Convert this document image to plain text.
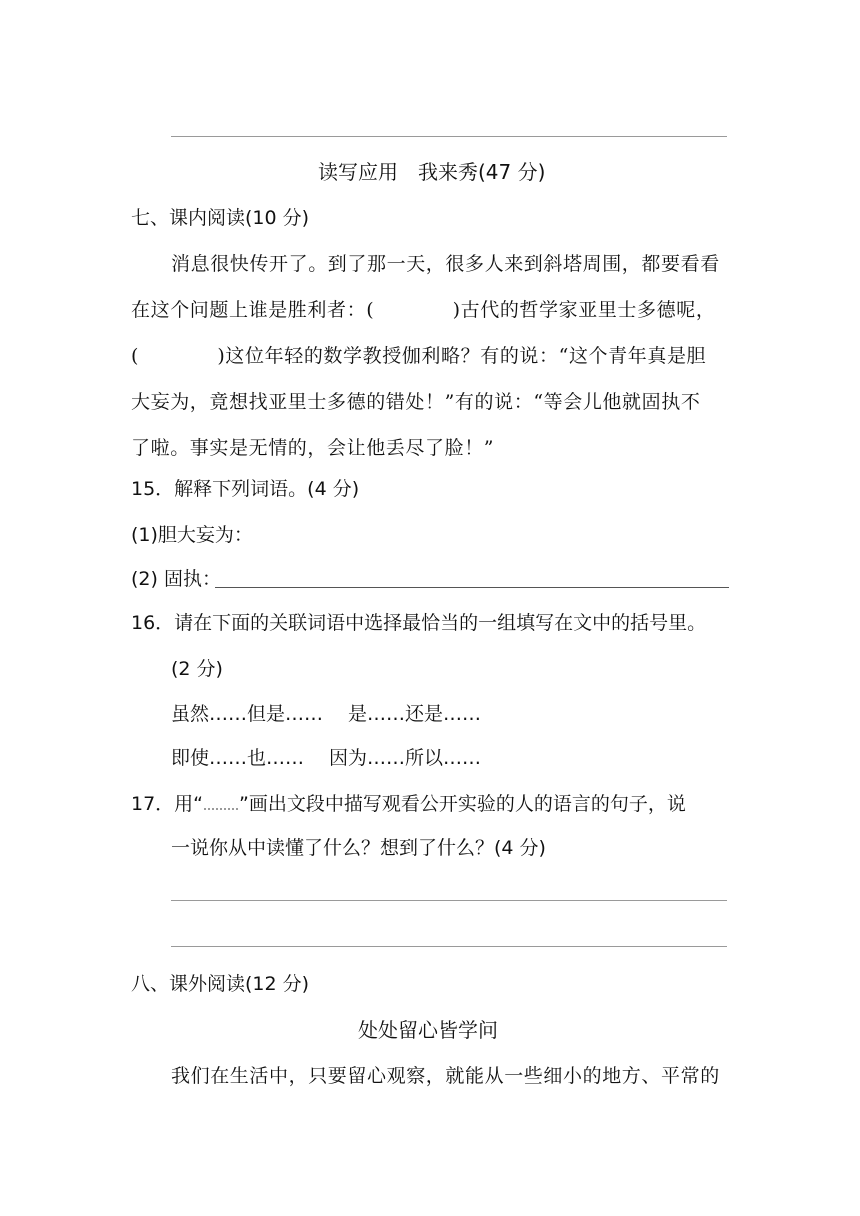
读写应用　我来秀(47 分)
七、课内阅读(10 分)
消息很快传开了。到了那一天，很多人来到斜塔周围，都要看看
在这个问题上谁是胜利者：(　　　　)古代的哲学家亚里士多德呢，
(　　　　)这位年轻的数学教授伽利略？有的说：“这个青年真是胆
大妄为，竟想找亚里士多德的错处！”有的说：“等会儿他就固执不
了啦。事实是无情的，会让他丢尽了脸！”
15．解释下列词语。(4 分)
(1)胆大妄为：
(2) 固执：
16．请在下面的关联词语中选择最恰当的一组填写在文中的括号里。
(2 分)
虽然……但是……　 是……还是……
即使……也……　 因为……所以……
17．用“ ”画出文段中描写观看公开实验的人的语言的句子，说
一说你从中读懂了什么？想到了什么？(4 分)
八、课外阅读(12 分)
处处留心皆学问
我们在生活中，只要留心观察，就能从一些细小的地方、平常的
